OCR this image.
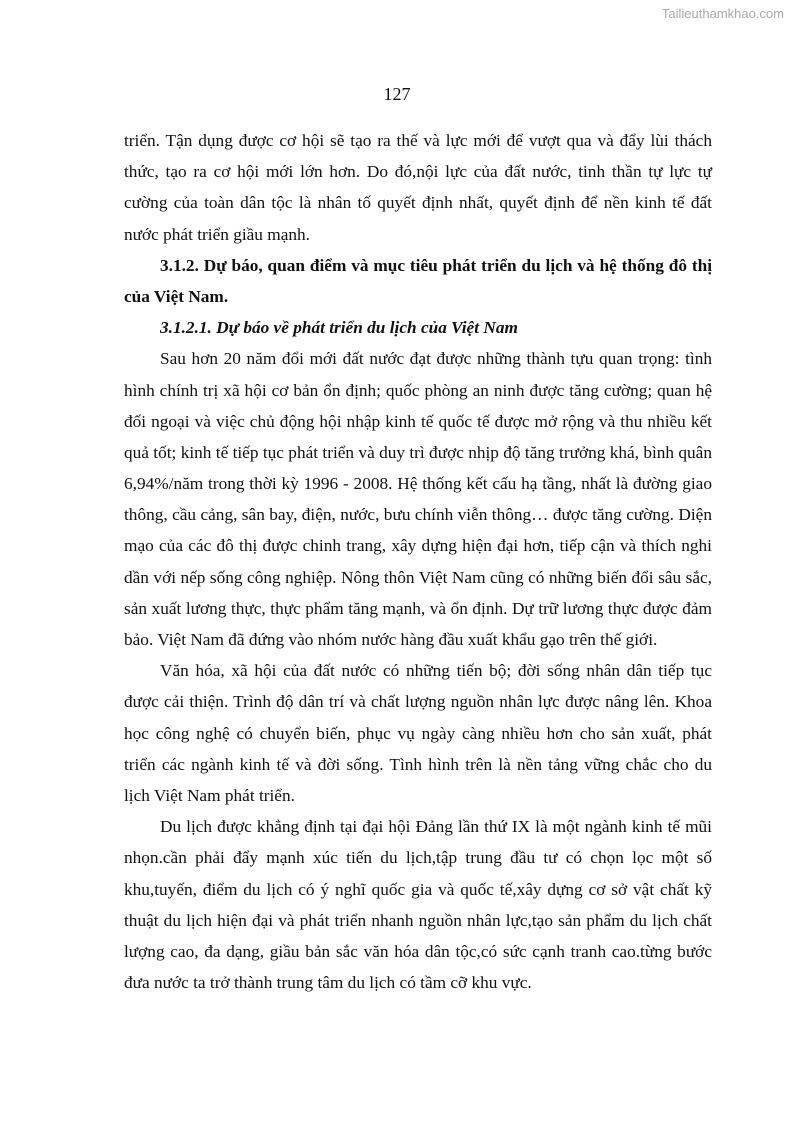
Tailieuthamkhao.com
127
triển. Tận dụng được cơ hội sẽ tạo ra thế và lực mới để vượt qua và đẩy lùi thách
thức, tạo ra cơ hội mới lớn hơn. Do đó,nội lực của đất nước, tinh thần tự lực tự
cường của toàn dân tộc là nhân tố quyết định nhất, quyết định để nền kinh tế đất
nước phát triển giầu mạnh.
3.1.2. Dự báo, quan điểm và mục tiêu phát triển du lịch và hệ thống đô thị
của Việt Nam.
3.1.2.1. Dự báo về phát triển du lịch của Việt Nam
Sau hơn 20 năm đổi mới đất nước đạt được những thành tựu quan trọng: tình
hình chính trị xã hội cơ bản ổn định; quốc phòng an ninh được tăng cường; quan hệ
đối ngoại và việc chủ động hội nhập kinh tế quốc tế được mở rộng và thu nhiều kết
quả tốt; kinh tế tiếp tục phát triển và duy trì được nhịp độ tăng trưởng khá, bình quân
6,94%/năm trong thời kỳ 1996 - 2008. Hệ thống kết cấu hạ tầng, nhất là đường giao
thông, cầu cảng, sân bay, điện, nước, bưu chính viễn thông… được tăng cường. Diện
mạo của các đô thị được chinh trang, xây dựng hiện đại hơn, tiếp cận và thích nghi
dần với nếp sống công nghiệp. Nông thôn Việt Nam cũng có những biến đổi sâu sắc,
sản xuất lương thực, thực phẩm tăng mạnh, và ổn định. Dự trữ lương thực được đảm
bảo. Việt Nam đã đứng vào nhóm nước hàng đầu xuất khẩu gạo trên thế giới.
Văn hóa, xã hội của đất nước có những tiến bộ; đời sống nhân dân tiếp tục
được cải thiện. Trình độ dân trí và chất lượng nguồn nhân lực được nâng lên. Khoa
học công nghệ có chuyển biến, phục vụ ngày càng nhiều hơn cho sản xuất, phát
triển các ngành kinh tế và đời sống. Tình hình trên là nền tảng vững chắc cho du
lịch Việt Nam phát triển.
Du lịch được khẳng định tại đại hội Đảng lần thứ IX là một ngành kinh tế mũi
nhọn.cần phải đẩy mạnh xúc tiến du lịch,tập trung đầu tư có chọn lọc một số
khu,tuyến, điểm du lịch có ý nghĩ quốc gia và quốc tế,xây dựng cơ sở vật chất kỹ
thuật du lịch hiện đại và phát triển nhanh nguồn nhân lực,tạo sản phẩm du lịch chất
lượng cao, đa dạng, giầu bản sắc văn hóa dân tộc,có sức cạnh tranh cao.từng bước
đưa nước ta trở thành trung tâm du lịch có tầm cỡ khu vực.
